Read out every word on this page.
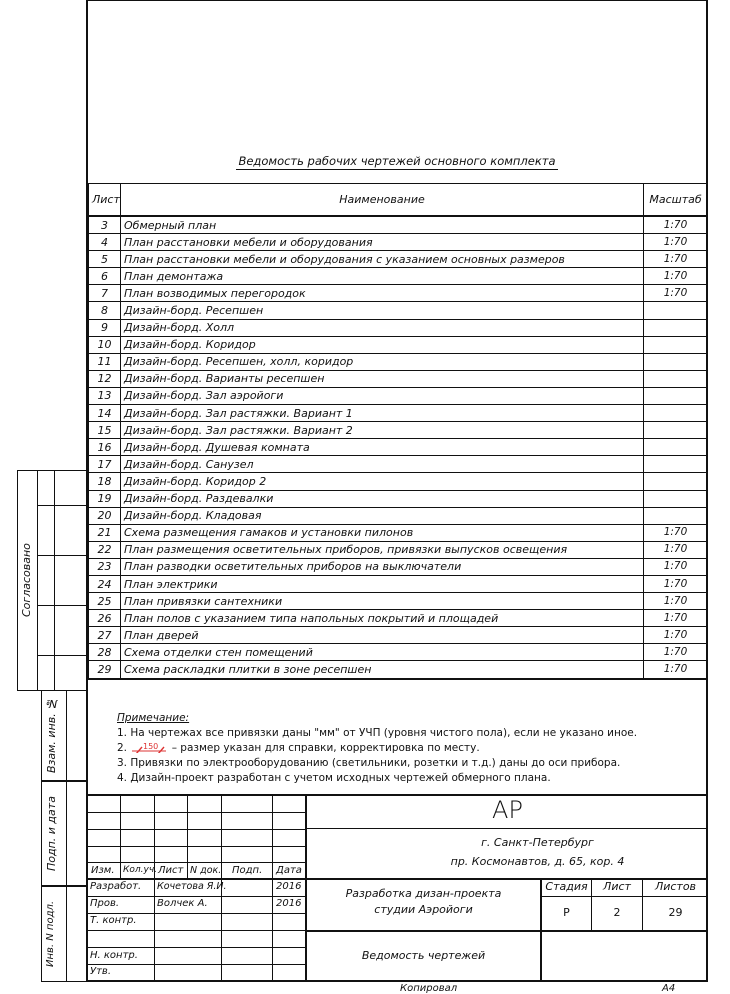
Ведомость рабочих чертежей основного комплекта
Лист	Наименование	Масштаб
3	Обмерный план	1:70
4	План расстановки мебели и оборудования	1:70
5	План расстановки мебели и оборудования с указанием основных размеров	1:70
6	План демонтажа	1:70
7	План возводимых перегородок	1:70
8	Дизайн-борд. Ресепшен	
9	Дизайн-борд. Холл	
10	Дизайн-борд. Коридор	
11	Дизайн-борд. Ресепшен, холл, коридор	
12	Дизайн-борд. Варианты ресепшен	
13	Дизайн-борд. Зал аэройоги	
14	Дизайн-борд. Зал растяжки. Вариант 1	
15	Дизайн-борд. Зал растяжки. Вариант 2	
16	Дизайн-борд. Душевая комната	
17	Дизайн-борд. Санузел	
18	Дизайн-борд. Коридор 2	
19	Дизайн-борд. Раздевалки	
20	Дизайн-борд. Кладовая	
21	Схема размещения гамаков и установки пилонов	1:70
22	План размещения осветительных приборов, привязки выпусков освещения	1:70
23	План разводки осветительных приборов на выключатели	1:70
24	План электрики	1:70
25	План привязки сантехники	1:70
26	План полов с указанием типа напольных покрытий и площадей	1:70
27	План дверей	1:70
28	Схема отделки стен помещений	1:70
29	Схема раскладки плитки в зоне ресепшен	1:70
Примечание:
1. На чертежах все привязки даны "мм" от УЧП (уровня чистого пола), если не указано иное.
2. 150 – размер указан для справки, корректировка по месту.
3. Привязки по электрооборудованию (светильники, розетки и т.д.) даны до оси прибора.
4. Дизайн-проект разработан с учетом исходных чертежей обмерного плана.
Согласовано
Взам. инв. №
Подп. и дата
Инв. N подл.
АР
г. Санкт-Петербург
пр. Космонавтов, д. 65, кор. 4
Изм. Кол.уч. Лист N док. Подп. Дата
Разработ. Кочетова Я.И.	2016
Пров.	Волчек А.	2016
Т. контр.
Н. контр.
Утв.
Разработка дизан-проекта
студии Аэройоги
Ведомость чертежей
Стадия	Лист	Листов
Р	2	29
Копировал	А4
